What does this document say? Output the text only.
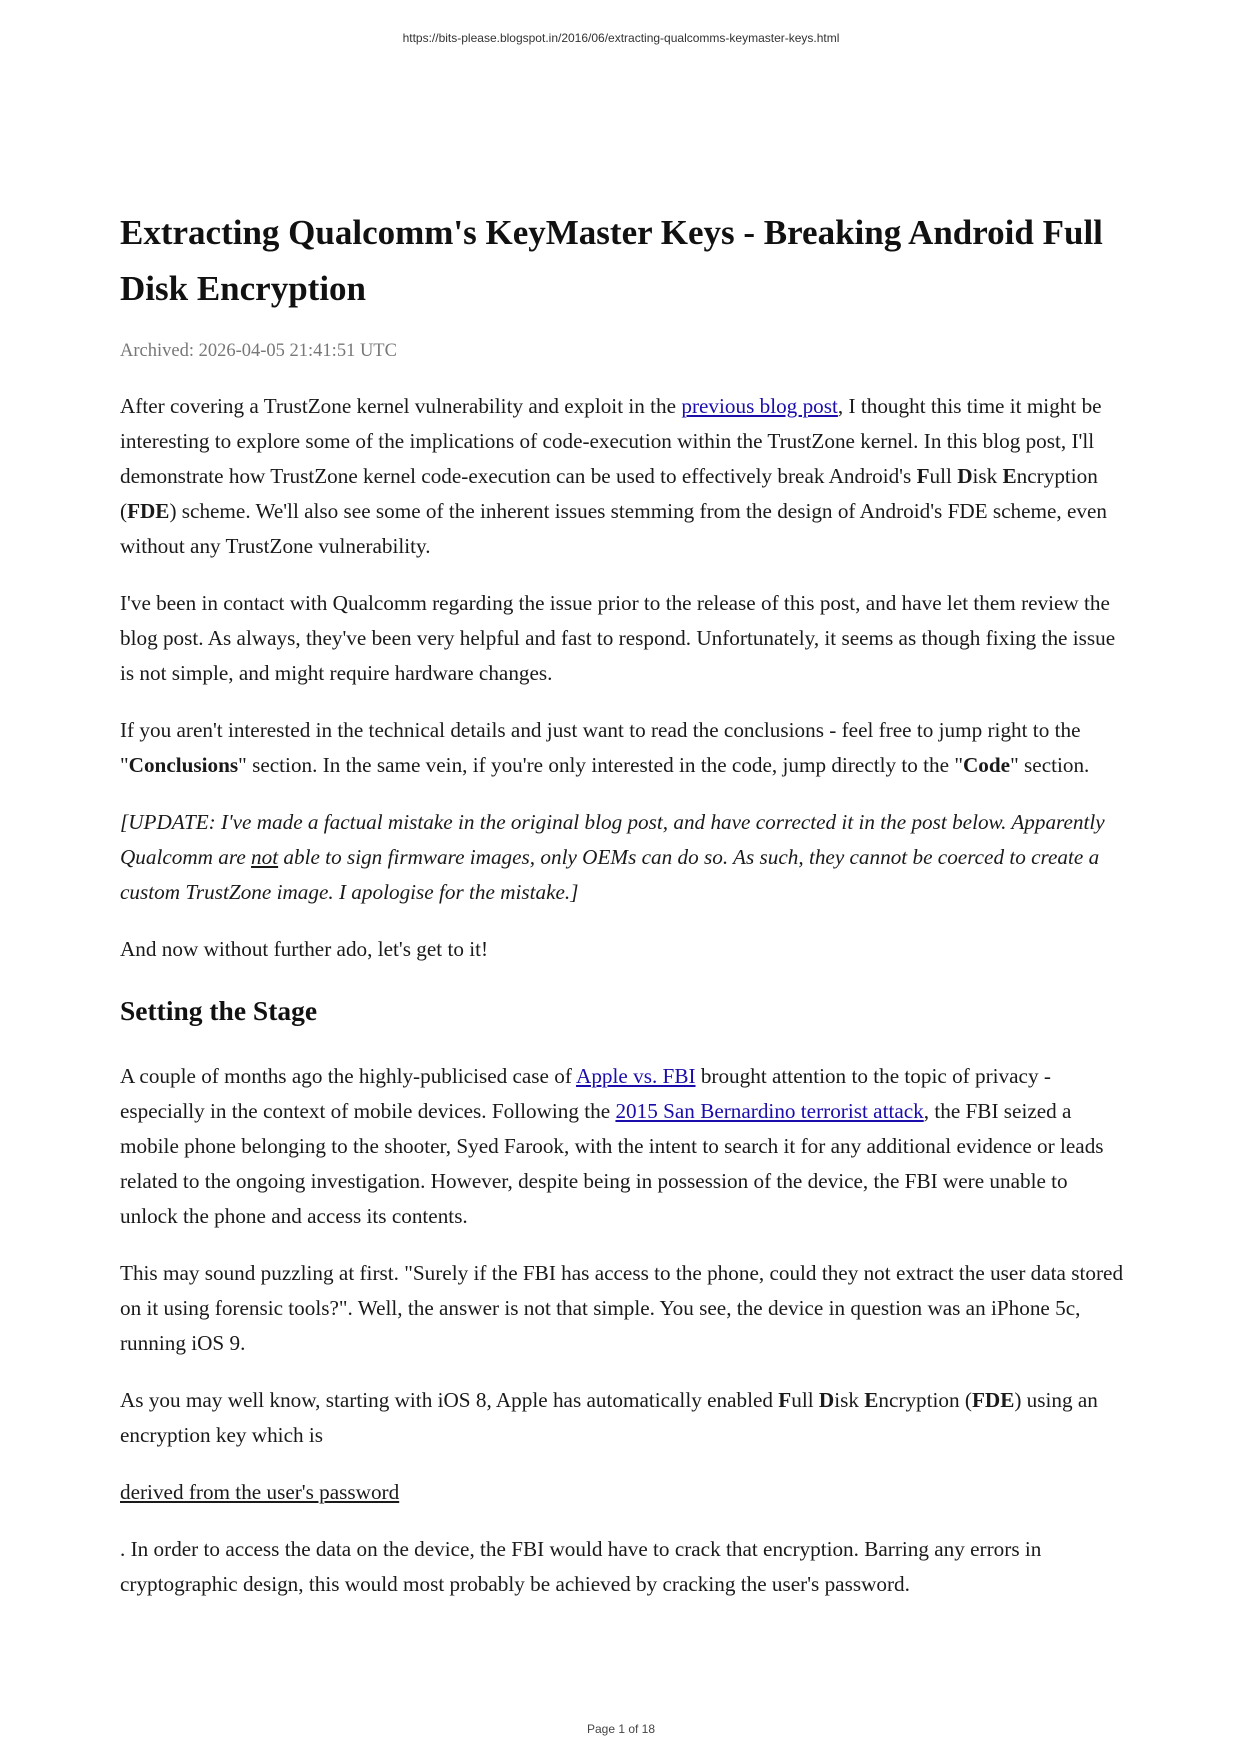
https://bits-please.blogspot.in/2016/06/extracting-qualcomms-keymaster-keys.html
Extracting Qualcomm's KeyMaster Keys - Breaking Android Full Disk Encryption
Archived: 2026-04-05 21:41:51 UTC

After covering a TrustZone kernel vulnerability and exploit in the previous blog post, I thought this time it might be interesting to explore some of the implications of code-execution within the TrustZone kernel. In this blog post, I'll demonstrate how TrustZone kernel code-execution can be used to effectively break Android's Full Disk Encryption (FDE) scheme. We'll also see some of the inherent issues stemming from the design of Android's FDE scheme, even without any TrustZone vulnerability.

I've been in contact with Qualcomm regarding the issue prior to the release of this post, and have let them review the blog post. As always, they've been very helpful and fast to respond. Unfortunately, it seems as though fixing the issue is not simple, and might require hardware changes.

If you aren't interested in the technical details and just want to read the conclusions - feel free to jump right to the "Conclusions" section. In the same vein, if you're only interested in the code, jump directly to the "Code" section.

[UPDATE: I've made a factual mistake in the original blog post, and have corrected it in the post below. Apparently Qualcomm are not able to sign firmware images, only OEMs can do so. As such, they cannot be coerced to create a custom TrustZone image. I apologise for the mistake.]

And now without further ado, let's get to it!

Setting the Stage

A couple of months ago the highly-publicised case of Apple vs. FBI brought attention to the topic of privacy - especially in the context of mobile devices. Following the 2015 San Bernardino terrorist attack, the FBI seized a mobile phone belonging to the shooter, Syed Farook, with the intent to search it for any additional evidence or leads related to the ongoing investigation. However, despite being in possession of the device, the FBI were unable to unlock the phone and access its contents.

This may sound puzzling at first. "Surely if the FBI has access to the phone, could they not extract the user data stored on it using forensic tools?". Well, the answer is not that simple. You see, the device in question was an iPhone 5c, running iOS 9.

As you may well know, starting with iOS 8, Apple has automatically enabled Full Disk Encryption (FDE) using an encryption key which is

derived from the user's password

. In order to access the data on the device, the FBI would have to crack that encryption. Barring any errors in cryptographic design, this would most probably be achieved by cracking the user's password.

Page 1 of 18
